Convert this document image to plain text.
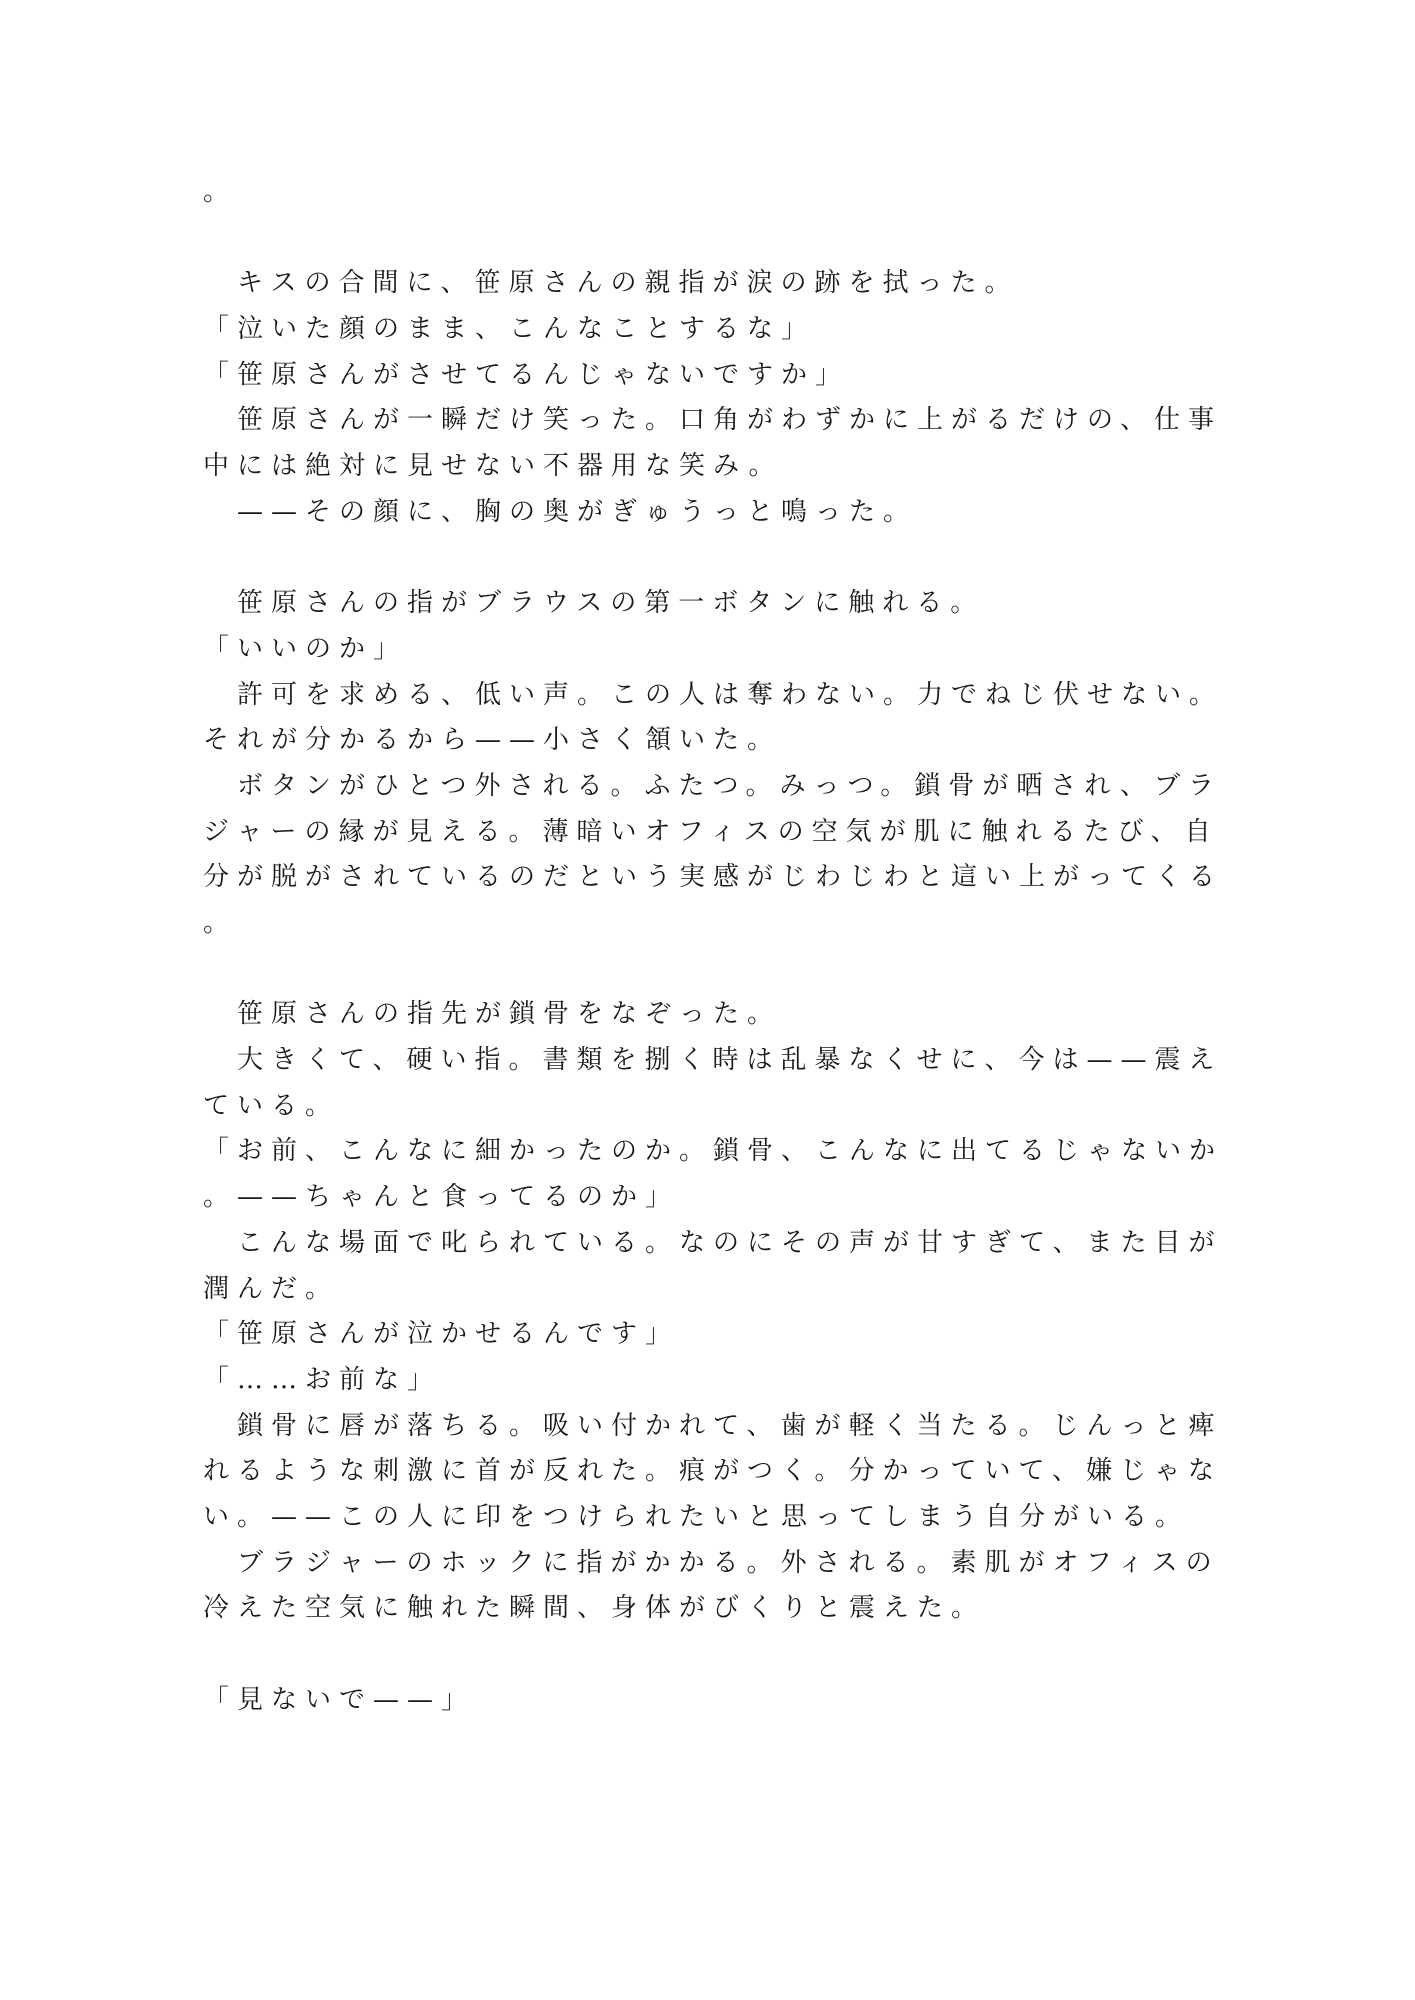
。
　キスの合間に、笹原さんの親指が涙の跡を拭った。
「泣いた顔のまま、こんなことするな」
「笹原さんがさせてるんじゃないですか」
　笹原さんが一瞬だけ笑った。口角がわずかに上がるだけの、仕事
中には絶対に見せない不器用な笑み。
　——その顔に、胸の奥がぎゅうっと鳴った。
　笹原さんの指がブラウスの第一ボタンに触れる。
「いいのか」
　許可を求める、低い声。この人は奪わない。力でねじ伏せない。
それが分かるから——小さく頷いた。
　ボタンがひとつ外される。ふたつ。みっつ。鎖骨が晒され、ブラ
ジャーの縁が見える。薄暗いオフィスの空気が肌に触れるたび、自
分が脱がされているのだという実感がじわじわと這い上がってくる
。
　笹原さんの指先が鎖骨をなぞった。
　大きくて、硬い指。書類を捌く時は乱暴なくせに、今は——震え
ている。
「お前、こんなに細かったのか。鎖骨、こんなに出てるじゃないか
。——ちゃんと食ってるのか」
　こんな場面で叱られている。なのにその声が甘すぎて、また目が
潤んだ。
「笹原さんが泣かせるんです」
「……お前な」
　鎖骨に唇が落ちる。吸い付かれて、歯が軽く当たる。じんっと痺
れるような刺激に首が反れた。痕がつく。分かっていて、嫌じゃな
い。——この人に印をつけられたいと思ってしまう自分がいる。
　ブラジャーのホックに指がかかる。外される。素肌がオフィスの
冷えた空気に触れた瞬間、身体がびくりと震えた。
「見ないで——」
